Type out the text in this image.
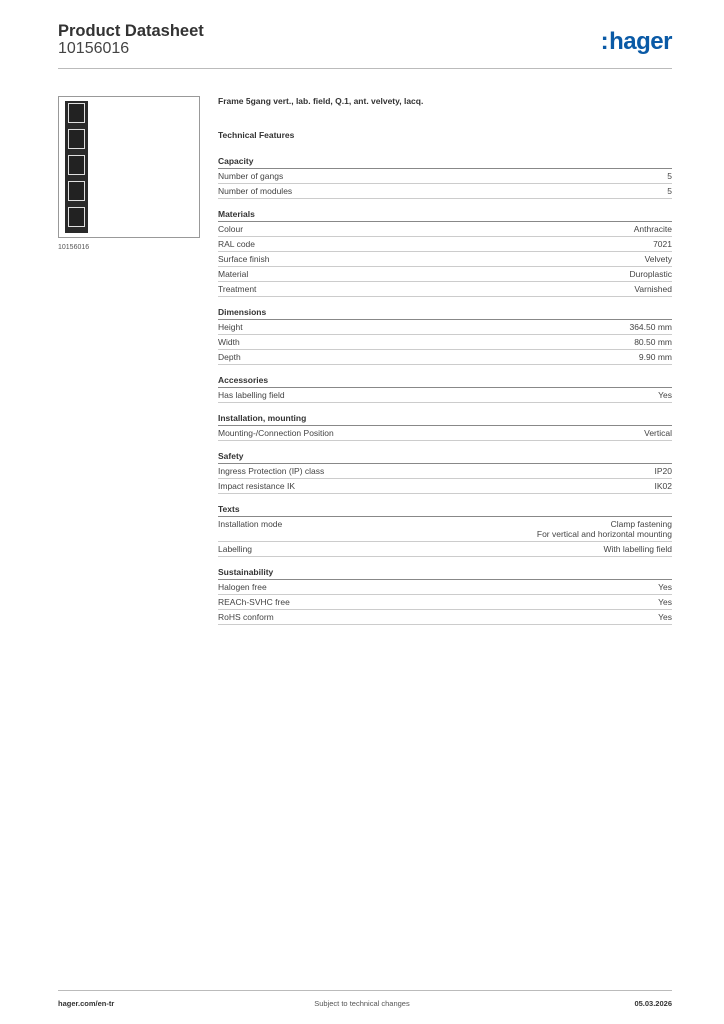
Product Datasheet
10156016	:hager
10156016
Frame 5gang vert., lab. field, Q.1, ant. velvety, lacq.
Technical Features
Capacity
Number of gangs	5
Number of modules	5
Materials
Colour	Anthracite
RAL code	7021
Surface finish	Velvety
Material	Duroplastic
Treatment	Varnished
Dimensions
Height	364.50 mm
Width	80.50 mm
Depth	9.90 mm
Accessories
Has labelling field	Yes
Installation, mounting
Mounting-/Connection Position	Vertical
Safety
Ingress Protection (IP) class	IP20
Impact resistance IK	IK02
Texts
Installation mode	Clamp fastening
For vertical and horizontal mounting
Labelling	With labelling field
Sustainability
Halogen free	Yes
REACh-SVHC free	Yes
RoHS conform	Yes
hager.com/en-tr	Subject to technical changes	05.03.2026
